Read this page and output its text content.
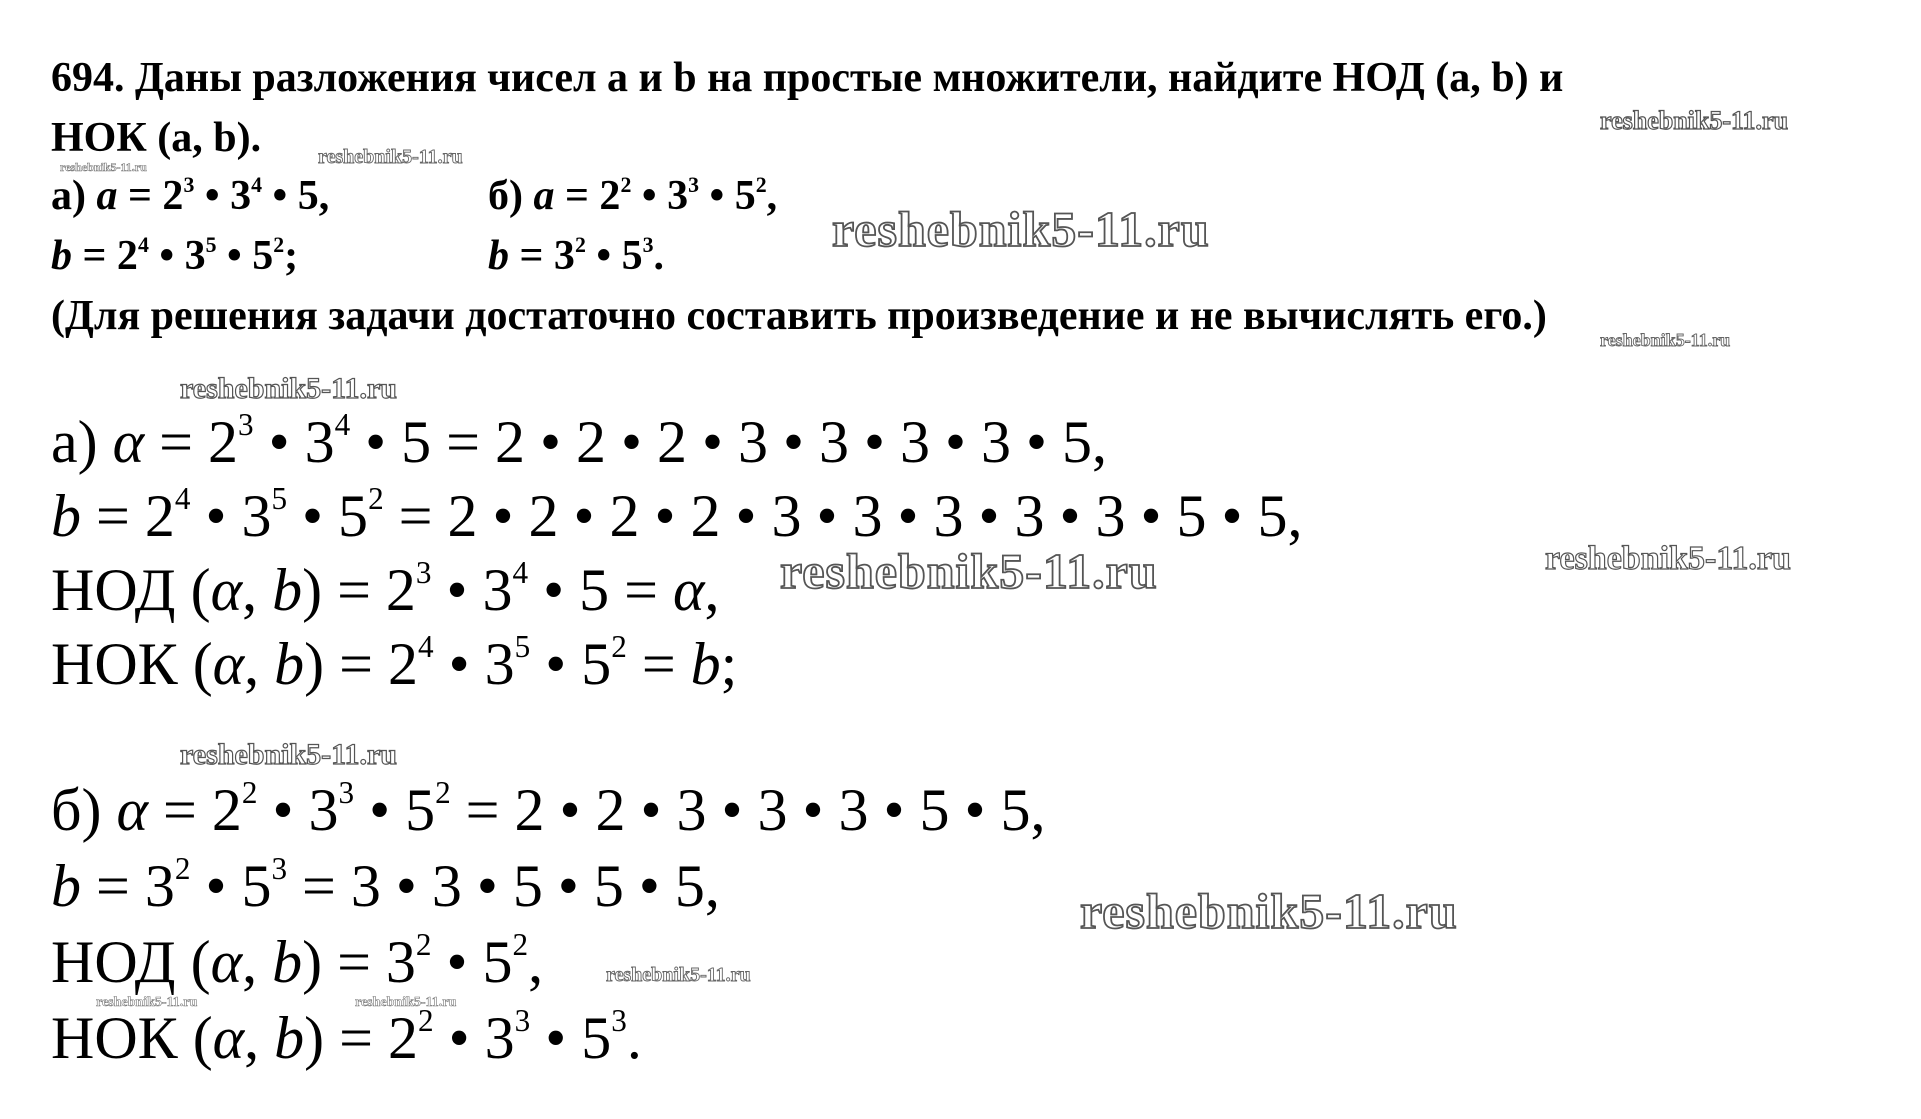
694. Даны разложения чисел а и b на простые множители, найдите НОД (a, b) и
НОК (a, b).
а) $a = 2^3$ • $3^4$ • 5,	б) $a = 2^2$ • $3^3$ • $5^2$,
$b = 2^4$ • $3^5$ • $5^2$;	$b = 3^2$ • $5^3$.
(Для решения задачи достаточно составить произведение и не вычислять его.)
а) $\alpha = 2^3$ • $3^4$ • 5 = 2 • 2 • 2 • 3 • 3 • 3 • 3 • 5,
$b = 2^4$ • $3^5$ • $5^2 = 2$ • 2 • 2 • 2 • 3 • 3 • 3 • 3 • 3 • 5 • 5,
НОД (α, $b) = 2^3$ • $3^4$ • 5 = α,
НОК (α, $b) = 2^4$ • $3^5$ • $5^2 = b$;
б) $\alpha = 2^2$ • $3^3$ • $5^2 = 2$ • 2 • 3 • 3 • 3 • 5 • 5,
$b = 3^2$ • $5^3 = 3$ • 3 • 5 • 5 • 5,
НОД (α, $b) = 3^2$ • $5^2$,
НОК (α, $b) = 2^2$ • $3^3$ • $5^3$.
reshebnik5-11.ru
reshebnik5-11.ru
reshebnik5-11.ru
reshebnik5-11.ru
reshebnik5-11.ru
reshebnik5-11.ru
reshebnik5-11.ru	reshebnik5-11.ru
reshebnik5-11.ru
reshebnik5-11.ru
reshebnik5-11.ru
reshebnik5-11.ru	reshebnik5-11.ru
